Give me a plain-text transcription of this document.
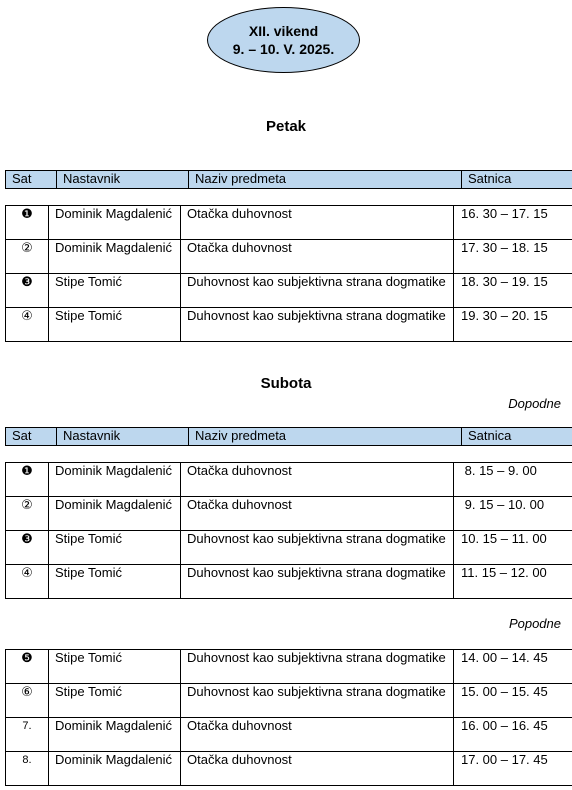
XII. vikend
9. – 10. V. 2025.
Petak
Sat	Nastavnik	Naziv predmeta	Satnica
❶	Dominik Magdalenić	Otačka duhovnost	16. 30 – 17. 15
②	Dominik Magdalenić	Otačka duhovnost	17. 30 – 18. 15
❸	Stipe Tomić	Duhovnost kao subjektivna strana dogmatike	18. 30 – 19. 15
④	Stipe Tomić	Duhovnost kao subjektivna strana dogmatike	19. 30 – 20. 15
Subota
Dopodne
Sat	Nastavnik	Naziv predmeta	Satnica
❶	Dominik Magdalenić	Otačka duhovnost	8. 15 – 9. 00
②	Dominik Magdalenić	Otačka duhovnost	9. 15 – 10. 00
❸	Stipe Tomić	Duhovnost kao subjektivna strana dogmatike	10. 15 – 11. 00
④	Stipe Tomić	Duhovnost kao subjektivna strana dogmatike	11. 15 – 12. 00
Popodne
❺	Stipe Tomić	Duhovnost kao subjektivna strana dogmatike	14. 00 – 14. 45
⑥	Stipe Tomić	Duhovnost kao subjektivna strana dogmatike	15. 00 – 15. 45
7.	Dominik Magdalenić	Otačka duhovnost	16. 00 – 16. 45
8.	Dominik Magdalenić	Otačka duhovnost	17. 00 – 17. 45
